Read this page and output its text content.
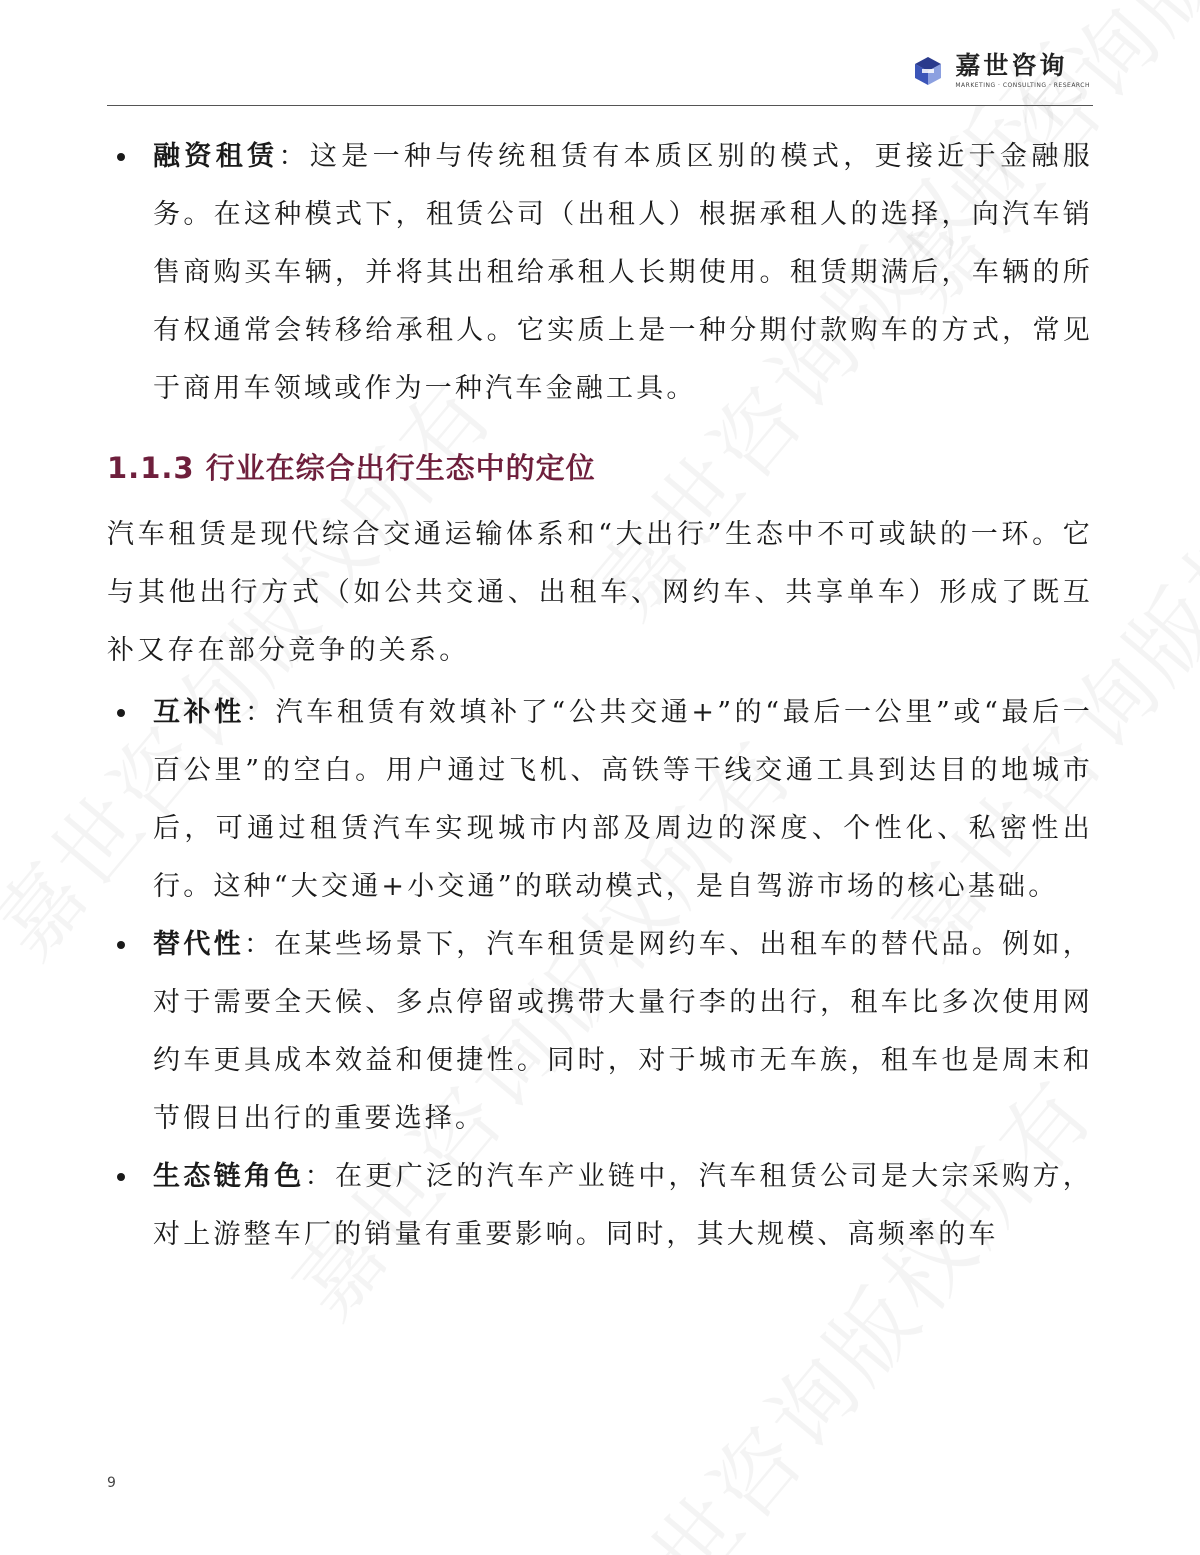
嘉世咨询
MARKETING · CONSULTING · RESEARCH
融资租赁：这是一种与传统租赁有本质区别的模式，更接近于金融服务。在这种模式下，租赁公司（出租人）根据承租人的选择，向汽车销售商购买车辆，并将其出租给承租人长期使用。租赁期满后，车辆的所有权通常会转移给承租人。它实质上是一种分期付款购车的方式，常见于商用车领域或作为一种汽车金融工具。
1.1.3 行业在综合出行生态中的定位
汽车租赁是现代综合交通运输体系和“大出行”生态中不可或缺的一环。它与其他出行方式（如公共交通、出租车、网约车、共享单车）形成了既互补又存在部分竞争的关系。
互补性：汽车租赁有效填补了“公共交通+”的“最后一公里”或“最后一百公里”的空白。用户通过飞机、高铁等干线交通工具到达目的地城市后，可通过租赁汽车实现城市内部及周边的深度、个性化、私密性出行。这种“大交通+小交通”的联动模式，是自驾游市场的核心基础。
替代性：在某些场景下，汽车租赁是网约车、出租车的替代品。例如，对于需要全天候、多点停留或携带大量行李的出行，租车比多次使用网约车更具成本效益和便捷性。同时，对于城市无车族，租车也是周末和节假日出行的重要选择。
生态链角色：在更广泛的汽车产业链中，汽车租赁公司是大宗采购方，对上游整车厂的销量有重要影响。同时，其大规模、高频率的车
9
